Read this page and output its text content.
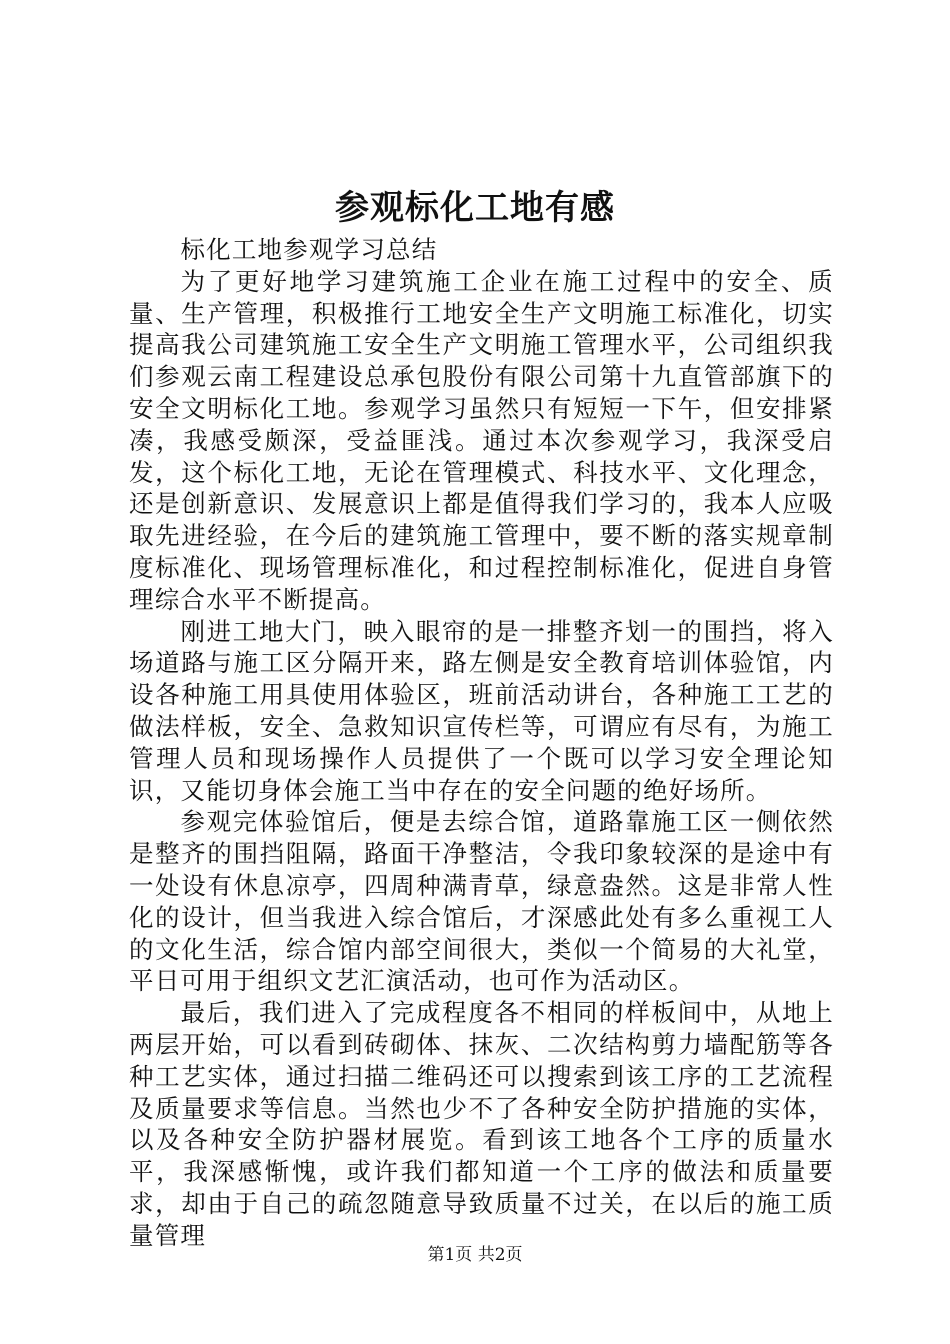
参观标化工地有感

标化工地参观学习总结

为了更好地学习建筑施工企业在施工过程中的安全、质量、生产管理，积极推行工地安全生产文明施工标准化，切实提高我公司建筑施工安全生产文明施工管理水平，公司组织我们参观云南工程建设总承包股份有限公司第十九直管部旗下的安全文明标化工地。参观学习虽然只有短短一下午，但安排紧凑，我感受颇深，受益匪浅。通过本次参观学习，我深受启发，这个标化工地，无论在管理模式、科技水平、文化理念，还是创新意识、发展意识上都是值得我们学习的，我本人应吸取先进经验，在今后的建筑施工管理中，要不断的落实规章制度标准化、现场管理标准化，和过程控制标准化，促进自身管理综合水平不断提高。

刚进工地大门，映入眼帘的是一排整齐划一的围挡，将入场道路与施工区分隔开来，路左侧是安全教育培训体验馆，内设各种施工用具使用体验区，班前活动讲台，各种施工工艺的做法样板，安全、急救知识宣传栏等，可谓应有尽有，为施工管理人员和现场操作人员提供了一个既可以学习安全理论知识，又能切身体会施工当中存在的安全问题的绝好场所。

参观完体验馆后，便是去综合馆，道路靠施工区一侧依然是整齐的围挡阻隔，路面干净整洁，令我印象较深的是途中有一处设有休息凉亭，四周种满青草，绿意盎然。这是非常人性化的设计，但当我进入综合馆后，才深感此处有多么重视工人的文化生活，综合馆内部空间很大，类似一个简易的大礼堂，平日可用于组织文艺汇演活动，也可作为活动区。

最后，我们进入了完成程度各不相同的样板间中，从地上两层开始，可以看到砖砌体、抹灰、二次结构剪力墙配筋等各种工艺实体，通过扫描二维码还可以搜索到该工序的工艺流程及质量要求等信息。当然也少不了各种安全防护措施的实体，以及各种安全防护器材展览。看到该工地各个工序的质量水平，我深感惭愧，或许我们都知道一个工序的做法和质量要求，却由于自己的疏忽随意导致质量不过关，在以后的施工质量管理

第1页 共2页
